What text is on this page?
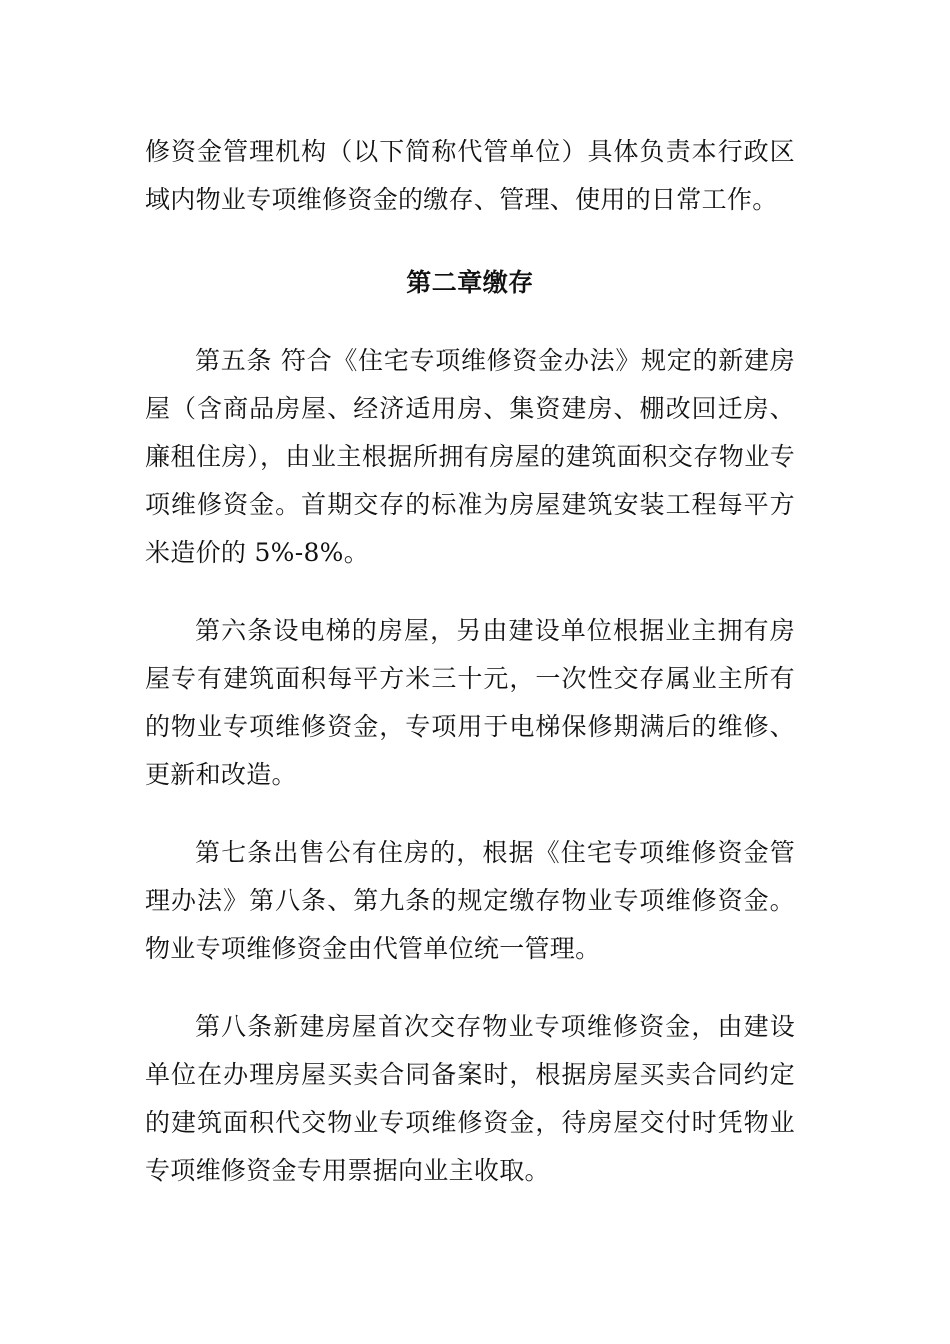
修资金管理机构（以下简称代管单位）具体负责本行政区域内物业专项维修资金的缴存、管理、使用的日常工作。

第二章缴存

第五条 符合《住宅专项维修资金办法》规定的新建房屋（含商品房屋、经济适用房、集资建房、棚改回迁房、廉租住房），由业主根据所拥有房屋的建筑面积交存物业专项维修资金。首期交存的标准为房屋建筑安装工程每平方米造价的 5%-8%。

第六条设电梯的房屋，另由建设单位根据业主拥有房屋专有建筑面积每平方米三十元，一次性交存属业主所有的物业专项维修资金，专项用于电梯保修期满后的维修、更新和改造。

第七条出售公有住房的，根据《住宅专项维修资金管理办法》第八条、第九条的规定缴存物业专项维修资金。物业专项维修资金由代管单位统一管理。

第八条新建房屋首次交存物业专项维修资金，由建设单位在办理房屋买卖合同备案时，根据房屋买卖合同约定的建筑面积代交物业专项维修资金，待房屋交付时凭物业专项维修资金专用票据向业主收取。
